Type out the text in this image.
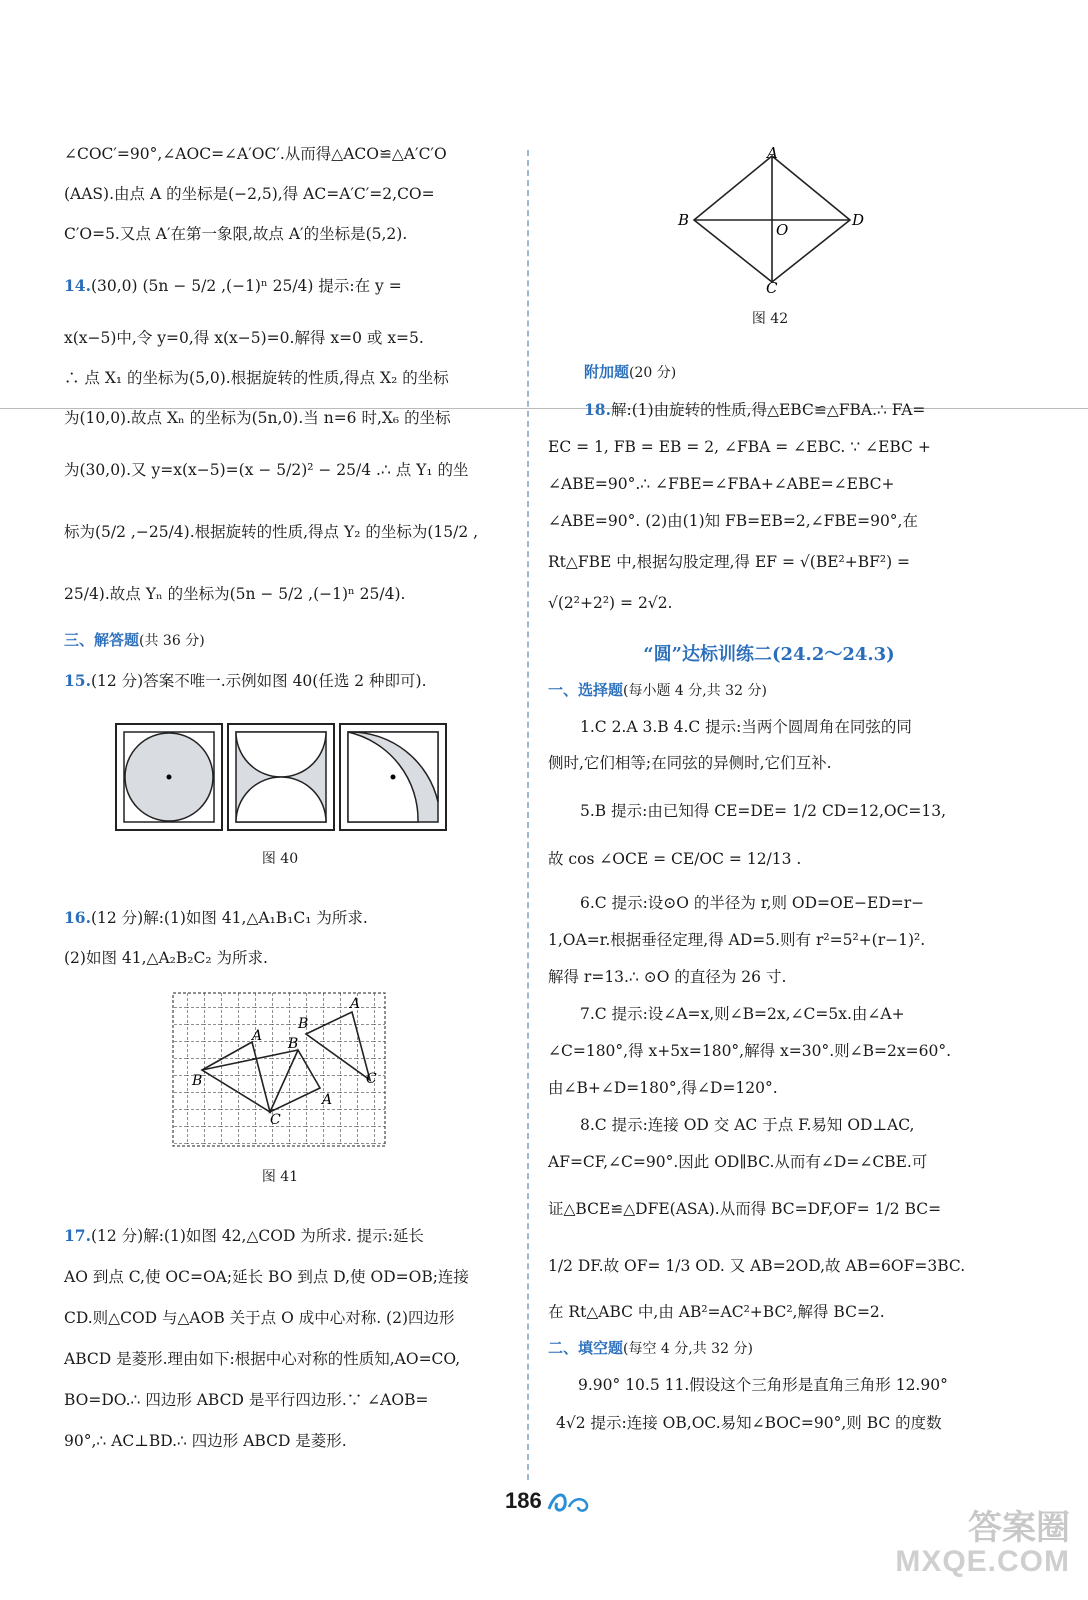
∠COC′=90°,∠AOC=∠A′OC′.从而得△ACO≌△A′C′O

(AAS).由点 A 的坐标是(−2,5),得 AC=A′C′=2,CO=

C′O=5.又点 A′在第一象限,故点 A′的坐标是(5,2).

14.(30,0) (5n − 5/2 ,(−1)ⁿ 25/4) 提示:在 y =

x(x−5)中,令 y=0,得 x(x−5)=0.解得 x=0 或 x=5.

∴ 点 X₁ 的坐标为(5,0).根据旋转的性质,得点 X₂ 的坐标

为(10,0).故点 Xₙ 的坐标为(5n,0).当 n=6 时,X₆ 的坐标

为(30,0).又 y=x(x−5)=(x − 5/2)² − 25/4 .∴ 点 Y₁ 的坐

标为(5/2 ,−25/4).根据旋转的性质,得点 Y₂ 的坐标为(15/2 ,

25/4).故点 Yₙ 的坐标为(5n − 5/2 ,(−1)ⁿ 25/4).

三、解答题(共 36 分)

15.(12 分)答案不唯一.示例如图 40(任选 2 种即可).

图 40

16.(12 分)解:(1)如图 41,△A₁B₁C₁ 为所求.

(2)如图 41,△A₂B₂C₂ 为所求.

A
B
A B
B	C
A
C
图 41

17.(12 分)解:(1)如图 42,△COD 为所求. 提示:延长

AO 到点 C,使 OC=OA;延长 BO 到点 D,使 OD=OB;连接

CD.则△COD 与△AOB 关于点 O 成中心对称. (2)四边形

ABCD 是菱形.理由如下:根据中心对称的性质知,AO=CO,

BO=DO.∴ 四边形 ABCD 是平行四边形.∵ ∠AOB=

90°,∴ AC⊥BD.∴ 四边形 ABCD 是菱形.

A
B	D
C
O
图 42

附加题(20 分)

18.解:(1)由旋转的性质,得△EBC≌△FBA.∴ FA=

EC = 1, FB = EB = 2, ∠FBA = ∠EBC. ∵ ∠EBC +

∠ABE=90°.∴ ∠FBE=∠FBA+∠ABE=∠EBC+

∠ABE=90°. (2)由(1)知 FB=EB=2,∠FBE=90°,在

Rt△FBE 中,根据勾股定理,得 EF = √(BE²+BF²) =

√(2²+2²) = 2√2.

“圆”达标训练二(24.2～24.3)

一、选择题(每小题 4 分,共 32 分)

1.C 2.A 3.B 4.C 提示:当两个圆周角在同弦的同

侧时,它们相等;在同弦的异侧时,它们互补.

5.B 提示:由已知得 CE=DE= 1/2 CD=12,OC=13,

故 cos ∠OCE = CE/OC = 12/13 .

6.C 提示:设⊙O 的半径为 r,则 OD=OE−ED=r−

1,OA=r.根据垂径定理,得 AD=5.则有 r²=5²+(r−1)².

解得 r=13.∴ ⊙O 的直径为 26 寸.

7.C 提示:设∠A=x,则∠B=2x,∠C=5x.由∠A+

∠C=180°,得 x+5x=180°,解得 x=30°.则∠B=2x=60°.

由∠B+∠D=180°,得∠D=120°.

8.C 提示:连接 OD 交 AC 于点 F.易知 OD⊥AC,

AF=CF,∠C=90°.因此 OD∥BC.从而有∠D=∠CBE.可

证△BCE≌△DFE(ASA).从而得 BC=DF,OF= 1/2 BC=

1/2 DF.故 OF= 1/3 OD. 又 AB=2OD,故 AB=6OF=3BC.

在 Rt△ABC 中,由 AB²=AC²+BC²,解得 BC=2.

二、填空题(每空 4 分,共 32 分)

9.90° 10.5 11.假设这个三角形是直角三角形 12.90°

4√2 提示:连接 OB,OC.易知∠BOC=90°,则 BC 的度数

186
答案圈
MXQE.COM
